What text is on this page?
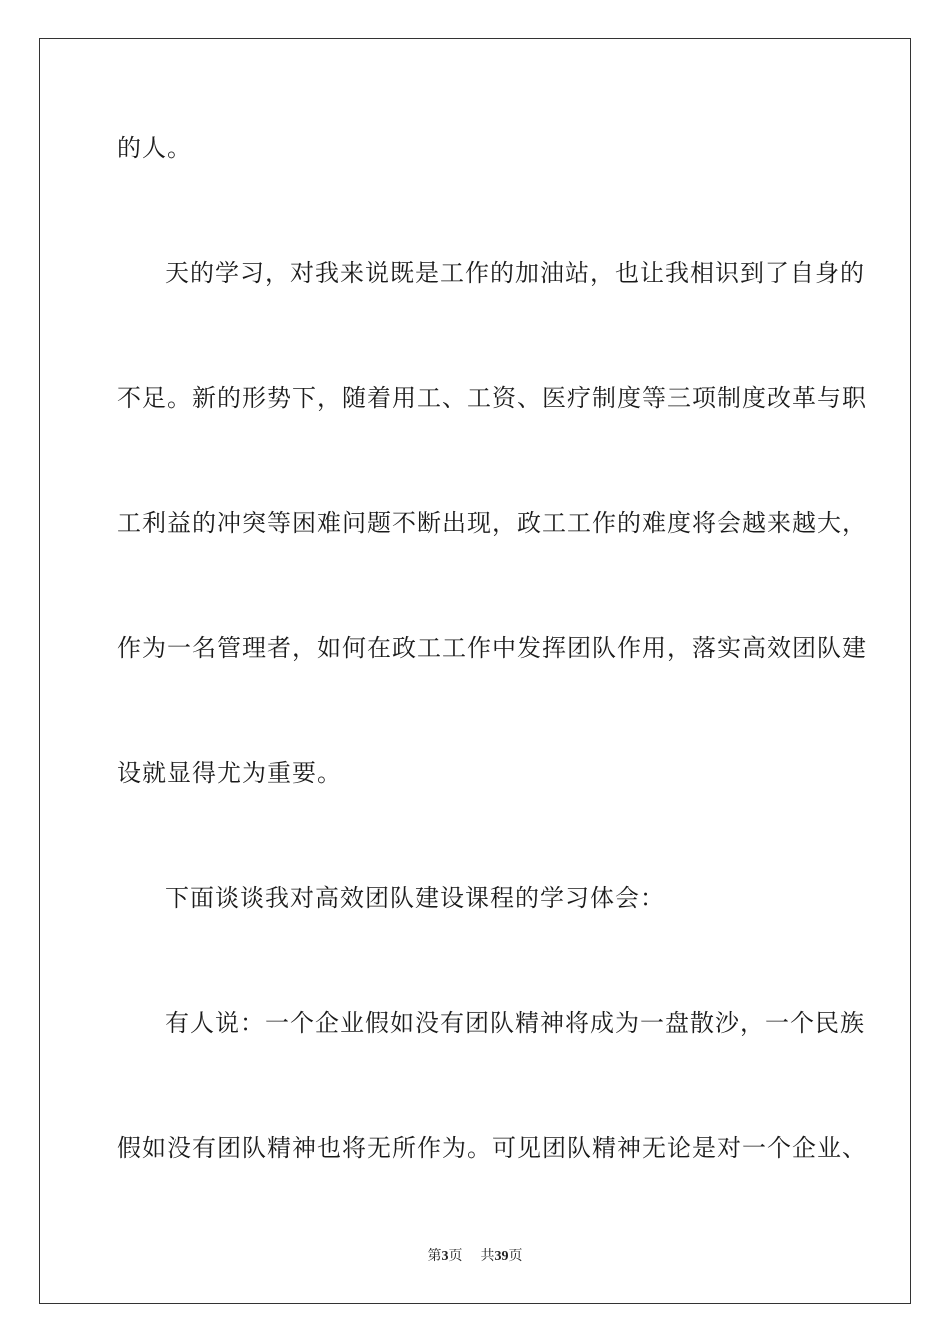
的人。
天的学习，对我来说既是工作的加油站，也让我相识到了自身的
不足。新的形势下，随着用工、工资、医疗制度等三项制度改革与职
工利益的冲突等困难问题不断出现，政工工作的难度将会越来越大，
作为一名管理者，如何在政工工作中发挥团队作用，落实高效团队建
设就显得尤为重要。
下面谈谈我对高效团队建设课程的学习体会：
有人说：一个企业假如没有团队精神将成为一盘散沙，一个民族
假如没有团队精神也将无所作为。可见团队精神无论是对一个企业、
第3页 共39页
